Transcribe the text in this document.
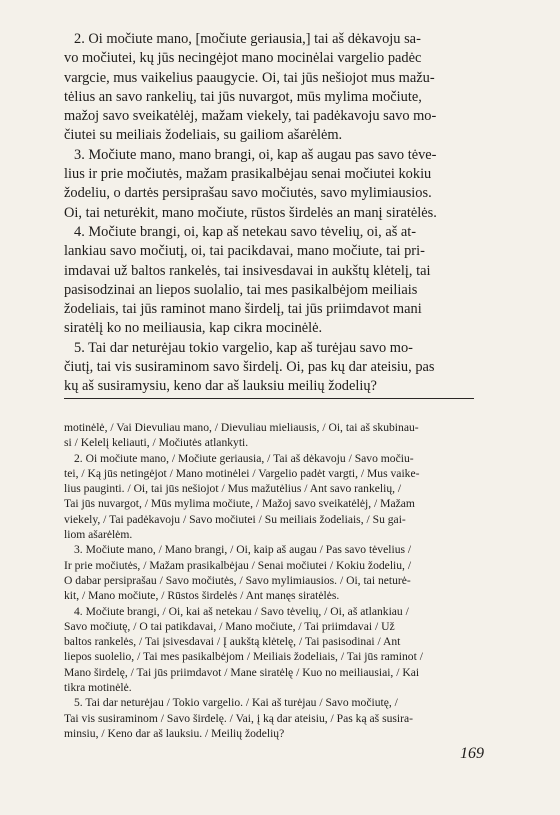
2. Oi močiute mano, [močiute geriausia,] tai aš dėkavoju sa-
vo močiutei, kų jūs necingėjot mano mocinėlai vargelio padėc
vargcie, mus vaikelius paaugycie. Oi, tai jūs nešiojot mus mažu-
tėlius an savo rankelių, tai jūs nuvargot, mūs mylima močiute,
mažoj savo sveikatėlėj, mažam viekely, tai padėkavoju savo mo-
čiutei su meiliais žodeliais, su gailiom ašarėlėm.

3. Močiute mano, mano brangi, oi, kap aš augau pas savo tėve-
lius ir prie močiutės, mažam prasikalbėjau senai močiutei kokiu
žodeliu, o dartės persiprašau savo močiutės, savo mylimiausios.
Oi, tai neturėkit, mano močiute, rūstos širdelės an manį siratėlės.

4. Močiute brangi, oi, kap aš netekau savo tėvelių, oi, aš at-
lankiau savo močiutį, oi, tai pacikdavai, mano močiute, tai pri-
imdavai už baltos rankelės, tai insivesdavai in aukštų klėtelį, tai
pasisodzinai an liepos suolalio, tai mes pasikalbėjom meiliais
žodeliais, tai jūs raminot mano širdelį, tai jūs priimdavot mani
siratėlį ko no meiliausia, kap cikra mocinėlė.

5. Tai dar neturėjau tokio vargelio, kap aš turėjau savo mo-
čiutį, tai vis susiraminom savo širdelį. Oi, pas kų dar ateisiu, pas
kų aš susiramysiu, keno dar aš lauksiu meilių žodelių?

motinėlė, / Vai Dievuliau mano, / Dievuliau mieliausis, / Oi, tai aš skubinau-
si / Kelelį keliauti, / Močiutės atlankyti.

2. Oi močiute mano, / Močiute geriausia, / Tai aš dėkavoju / Savo močiu-
tei, / Ką jūs netingėjot / Mano motinėlei / Vargelio padėt vargti, / Mus vaike-
lius pauginti. / Oi, tai jūs nešiojot / Mus mažutėlius / Ant savo rankelių, /
Tai jūs nuvargot, / Mūs mylima močiute, / Mažoj savo sveikatėlėj, / Mažam
viekely, / Tai padėkavoju / Savo močiutei / Su meiliais žodeliais, / Su gai-
liom ašarėlėm.

3. Močiute mano, / Mano brangi, / Oi, kaip aš augau / Pas savo tėvelius /
Ir prie močiutės, / Mažam prasikalbėjau / Senai močiutei / Kokiu žodeliu, /
O dabar persiprašau / Savo močiutės, / Savo mylimiausios. / Oi, tai neturė-
kit, / Mano močiute, / Rūstos širdelės / Ant manęs siratėlės.

4. Močiute brangi, / Oi, kai aš netekau / Savo tėvelių, / Oi, aš atlankiau /
Savo močiutę, / O tai patikdavai, / Mano močiute, / Tai priimdavai / Už
baltos rankelės, / Tai įsivesdavai / Į aukštą klėtelę, / Tai pasisodinai / Ant
liepos suolelio, / Tai mes pasikalbėjom / Meiliais žodeliais, / Tai jūs raminot /
Mano širdelę, / Tai jūs priimdavot / Mane siratėlę / Kuo no meiliausiai, / Kai
tikra motinėlė.

5. Tai dar neturėjau / Tokio vargelio. / Kai aš turėjau / Savo močiutę, /
Tai vis susiraminom / Savo širdelę. / Vai, į ką dar ateisiu, / Pas ką aš susira-
minsiu, / Keno dar aš lauksiu. / Meilių žodelių?

169
